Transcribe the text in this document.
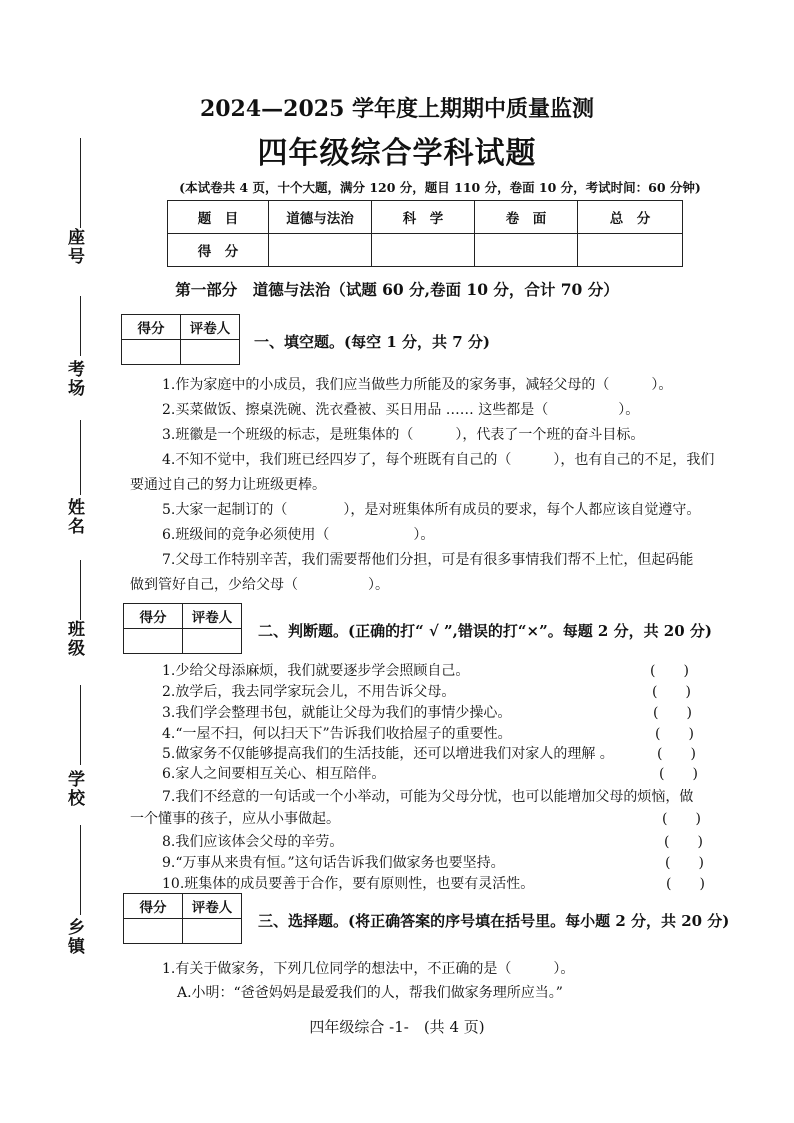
座号
考场
姓名
班级
学校
乡镇
2024—2025 学年度上期期中质量监测
四年级综合学科试题
(本试卷共 4 页，十个大题，满分 120 分，题目 110 分，卷面 10 分，考试时间：60 分钟)
题　目	道德与法治	科　学	卷　面	总　分
得　分				
第一部分　道德与法治（试题 60 分,卷面 10 分，合计 70 分）
得分	评卷人

一、填空题。(每空 1 分，共 7 分)
1.作为家庭中的小成员，我们应当做些力所能及的家务事，减轻父母的（　　　）。
2.买菜做饭、擦桌洗碗、洗衣叠被、买日用品 …… 这些都是（　　　　　）。
3.班徽是一个班级的标志，是班集体的（　　　），代表了一个班的奋斗目标。
4.不知不觉中，我们班已经四岁了，每个班既有自己的（　　　），也有自己的不足，我们
要通过自己的努力让班级更棒。
5.大家一起制订的（　　　　），是对班集体所有成员的要求，每个人都应该自觉遵守。
6.班级间的竞争必须使用（　　　　　　）。
7.父母工作特别辛苦，我们需要帮他们分担，可是有很多事情我们帮不上忙，但起码能
做到管好自己，少给父母（　　　　　）。
得分	评卷人

二、判断题。(正确的打“ √ ”,错误的打“×”。每题 2 分，共 20 分)
1.少给父母添麻烦，我们就要逐步学会照顾自己。	(　　)
2.放学后，我去同学家玩会儿，不用告诉父母。	(　　)
3.我们学会整理书包，就能让父母为我们的事情少操心。	(　　)
4.“一屋不扫，何以扫天下”告诉我们收拾屋子的重要性。	(　　)
5.做家务不仅能够提高我们的生活技能，还可以增进我们对家人的理解 。	(　　)
6.家人之间要相互关心、相互陪伴。	(　　)
7.我们不经意的一句话或一个小举动，可能为父母分忧，也可以能增加父母的烦恼，做
一个懂事的孩子，应从小事做起。	(　　)
8.我们应该体会父母的辛劳。	(　　)
9.“万事从来贵有恒。”这句话告诉我们做家务也要坚持。	(　　)
10.班集体的成员要善于合作，要有原则性，也要有灵活性。	(　　)
得分	评卷人

三、选择题。(将正确答案的序号填在括号里。每小题 2 分，共 20 分)
1.有关于做家务，下列几位同学的想法中，不正确的是（　　　）。
A.小明：“爸爸妈妈是最爱我们的人，帮我们做家务理所应当。”
四年级综合 -1-　(共 4 页)
